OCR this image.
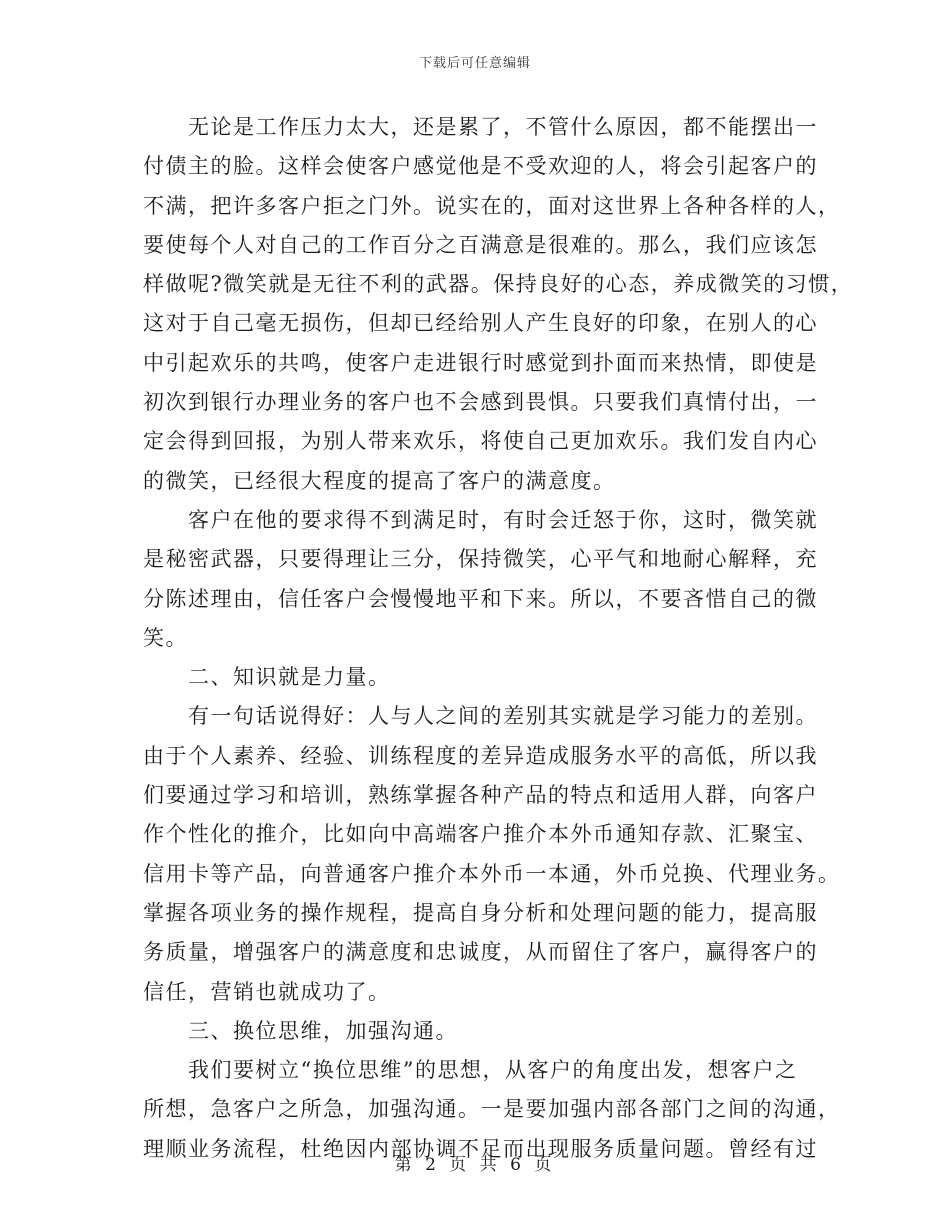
下载后可任意编辑
　　无论是工作压力太大，还是累了，不管什么原因，都不能摆出一
付债主的脸。这样会使客户感觉他是不受欢迎的人，将会引起客户的
不满，把许多客户拒之门外。说实在的，面对这世界上各种各样的人，
要使每个人对自己的工作百分之百满意是很难的。那么，我们应该怎
样做呢?微笑就是无往不利的武器。保持良好的心态，养成微笑的习惯，
这对于自己毫无损伤，但却已经给别人产生良好的印象，在别人的心
中引起欢乐的共鸣，使客户走进银行时感觉到扑面而来热情，即使是
初次到银行办理业务的客户也不会感到畏惧。只要我们真情付出，一
定会得到回报，为别人带来欢乐，将使自己更加欢乐。我们发自内心
的微笑，已经很大程度的提高了客户的满意度。
　　客户在他的要求得不到满足时，有时会迁怒于你，这时，微笑就
是秘密武器，只要得理让三分，保持微笑，心平气和地耐心解释，充
分陈述理由，信任客户会慢慢地平和下来。所以，不要吝惜自己的微
笑。
　　二、知识就是力量。
　　有一句话说得好：人与人之间的差别其实就是学习能力的差别。
由于个人素养、经验、训练程度的差异造成服务水平的高低，所以我
们要通过学习和培训，熟练掌握各种产品的特点和适用人群，向客户
作个性化的推介，比如向中高端客户推介本外币通知存款、汇聚宝、
信用卡等产品，向普通客户推介本外币一本通，外币兑换、代理业务。
掌握各项业务的操作规程，提高自身分析和处理问题的能力，提高服
务质量，增强客户的满意度和忠诚度，从而留住了客户，赢得客户的
信任，营销也就成功了。
　　三、换位思维，加强沟通。
　　我们要树立“换位思维”的思想，从客户的角度出发，想客户之
所想，急客户之所急，加强沟通。一是要加强内部各部门之间的沟通，
理顺业务流程，杜绝因内部协调不足而出现服务质量问题。曾经有过
第 2 页 共 6 页
